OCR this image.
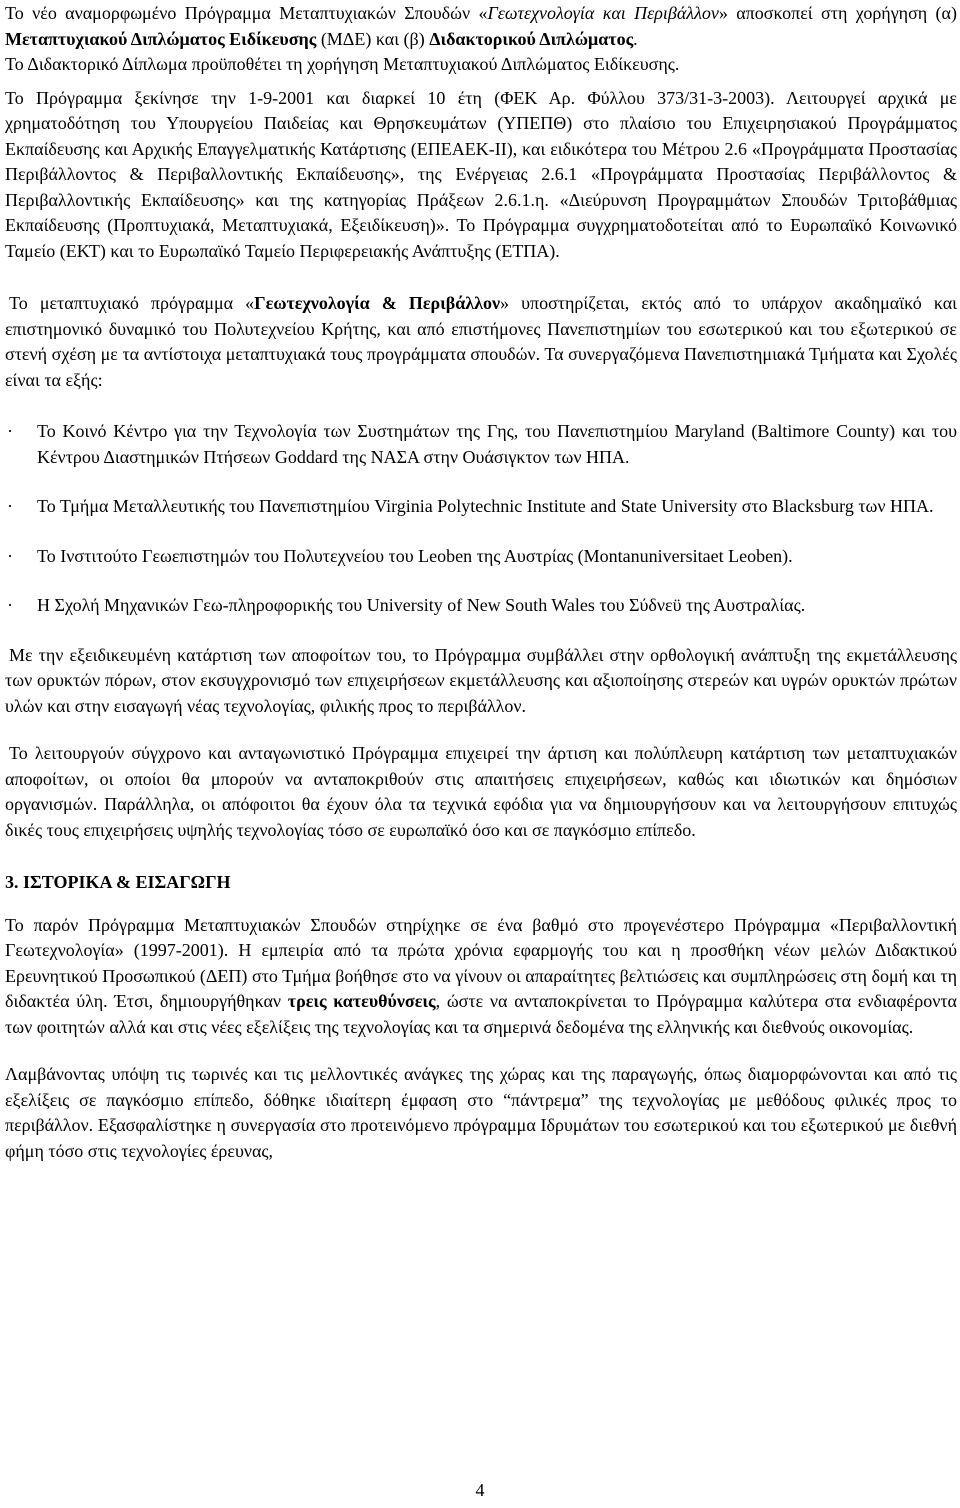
Το νέο αναμορφωμένο Πρόγραμμα Μεταπτυχιακών Σπουδών «Γεωτεχνολογία και Περιβάλλον» αποσκοπεί στη χορήγηση (α) Μεταπτυχιακού Διπλώματος Ειδίκευσης (ΜΔΕ) και (β) Διδακτορικού Διπλώματος.
Το Διδακτορικό Δίπλωμα προϋποθέτει τη χορήγηση Μεταπτυχιακού Διπλώματος Ειδίκευσης.

Το Πρόγραμμα ξεκίνησε την 1-9-2001 και διαρκεί 10 έτη (ΦΕΚ Αρ. Φύλλου 373/31-3-2003). Λειτουργεί αρχικά με χρηματοδότηση του Υπουργείου Παιδείας και Θρησκευμάτων (ΥΠΕΠΘ) στο πλαίσιο του Επιχειρησιακού Προγράμματος Εκπαίδευσης και Αρχικής Επαγγελματικής Κατάρτισης (ΕΠΕΑΕΚ-ΙΙ), και ειδικότερα του Μέτρου 2.6 «Προγράμματα Προστασίας Περιβάλλοντος & Περιβαλλοντικής Εκπαίδευσης», της Ενέργειας 2.6.1 «Προγράμματα Προστασίας Περιβάλλοντος & Περιβαλλοντικής Εκπαίδευσης» και της κατηγορίας Πράξεων 2.6.1.η. «Διεύρυνση Προγραμμάτων Σπουδών Τριτοβάθμιας Εκπαίδευσης (Προπτυχιακά, Μεταπτυχιακά, Εξειδίκευση)». Το Πρόγραμμα συγχρηματοδοτείται από το Ευρωπαϊκό Κοινωνικό Ταμείο (ΕΚΤ) και το Ευρωπαϊκό Ταμείο Περιφερειακής Ανάπτυξης (ΕΤΠΑ).

Το μεταπτυχιακό πρόγραμμα «Γεωτεχνολογία & Περιβάλλον» υποστηρίζεται, εκτός από το υπάρχον ακαδημαϊκό και επιστημονικό δυναμικό του Πολυτεχνείου Κρήτης, και από επιστήμονες Πανεπιστημίων του εσωτερικού και του εξωτερικού σε στενή σχέση με τα αντίστοιχα μεταπτυχιακά τους προγράμματα σπουδών. Τα συνεργαζόμενα Πανεπιστημιακά Τμήματα και Σχολές είναι τα εξής:

· Το Κοινό Κέντρο για την Τεχνολογία των Συστημάτων της Γης, του Πανεπιστημίου Maryland (Baltimore County) και του Κέντρου Διαστημικών Πτήσεων Goddard της ΝΑΣΑ στην Ουάσιγκτον των ΗΠΑ.
· Το Τμήμα Μεταλλευτικής του Πανεπιστημίου Virginia Polytechnic Institute and State University στο Blacksburg των ΗΠΑ.
· Το Ινστιτούτο Γεωεπιστημών του Πολυτεχνείου του Leoben της Αυστρίας (Montanuniversitaet Leoben).
· Η Σχολή Μηχανικών Γεω-πληροφορικής του University of New South Wales του Σύδνεϋ της Αυστραλίας.

Με την εξειδικευμένη κατάρτιση των αποφοίτων του, το Πρόγραμμα συμβάλλει στην ορθολογική ανάπτυξη της εκμετάλλευσης των ορυκτών πόρων, στον εκσυγχρονισμό των επιχειρήσεων εκμετάλλευσης και αξιοποίησης στερεών και υγρών ορυκτών πρώτων υλών και στην εισαγωγή νέας τεχνολογίας, φιλικής προς το περιβάλλον.

Το λειτουργούν σύγχρονο και ανταγωνιστικό Πρόγραμμα επιχειρεί την άρτιση και πολύπλευρη κατάρτιση των μεταπτυχιακών αποφοίτων, οι οποίοι θα μπορούν να ανταποκριθούν στις απαιτήσεις επιχειρήσεων, καθώς και ιδιωτικών και δημόσιων οργανισμών. Παράλληλα, οι απόφοιτοι θα έχουν όλα τα τεχνικά εφόδια για να δημιουργήσουν και να λειτουργήσουν επιτυχώς δικές τους επιχειρήσεις υψηλής τεχνολογίας τόσο σε ευρωπαϊκό όσο και σε παγκόσμιο επίπεδο.

3. ΙΣΤΟΡΙΚΑ & ΕΙΣΑΓΩΓΗ

Το παρόν Πρόγραμμα Μεταπτυχιακών Σπουδών στηρίχηκε σε ένα βαθμό στο προγενέστερο Πρόγραμμα «Περιβαλλοντική Γεωτεχνολογία» (1997-2001). Η εμπειρία από τα πρώτα χρόνια εφαρμογής του και η προσθήκη νέων μελών Διδακτικού Ερευνητικού Προσωπικού (ΔΕΠ) στο Τμήμα βοήθησε στο να γίνουν οι απαραίτητες βελτιώσεις και συμπληρώσεις στη δομή και τη διδακτέα ύλη. Έτσι, δημιουργήθηκαν τρεις κατευθύνσεις, ώστε να ανταποκρίνεται το Πρόγραμμα καλύτερα στα ενδιαφέροντα των φοιτητών αλλά και στις νέες εξελίξεις της τεχνολογίας και τα σημερινά δεδομένα της ελληνικής και διεθνούς οικονομίας.

Λαμβάνοντας υπόψη τις τωρινές και τις μελλοντικές ανάγκες της χώρας και της παραγωγής, όπως διαμορφώνονται και από τις εξελίξεις σε παγκόσμιο επίπεδο, δόθηκε ιδιαίτερη έμφαση στο “πάντρεμα” της τεχνολογίας με μεθόδους φιλικές προς το περιβάλλον. Εξασφαλίστηκε η συνεργασία στο προτεινόμενο πρόγραμμα Ιδρυμάτων του εσωτερικού και του εξωτερικού με διεθνή φήμη τόσο στις τεχνολογίες έρευνας,

4
